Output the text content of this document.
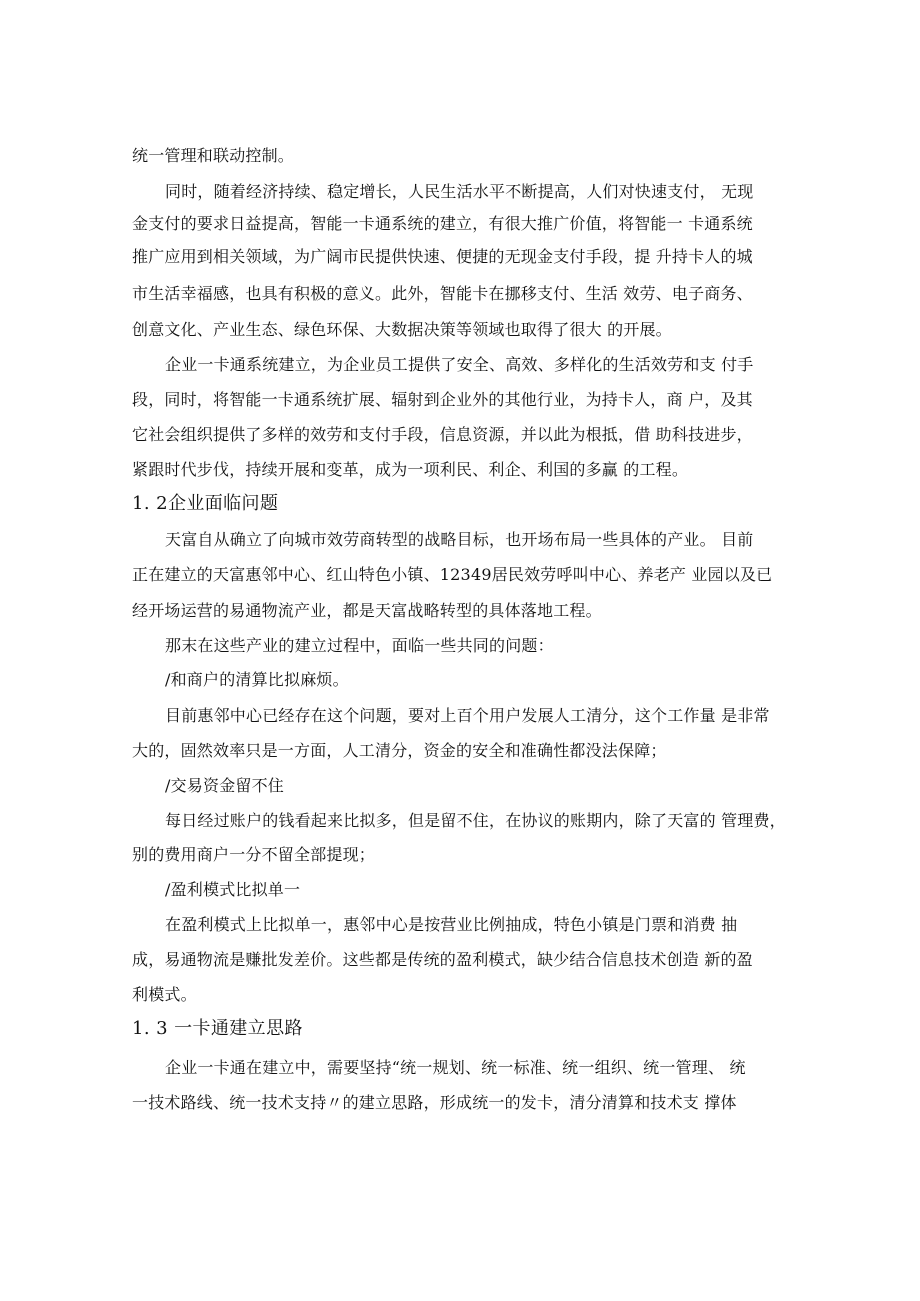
统一管理和联动控制。
同时，随着经济持续、稳定增长，人民生活水平不断提高，人们对快速支付， 无现
金支付的要求日益提高，智能一卡通系统的建立，有很大推广价值，将智能一 卡通系统
推广应用到相关领域，为广阔市民提供快速、便捷的无现金支付手段，提 升持卡人的城
市生活幸福感，也具有积极的意义。此外，智能卡在挪移支付、生活 效劳、电子商务、
创意文化、产业生态、绿色环保、大数据决策等领域也取得了很大 的开展。
企业一卡通系统建立，为企业员工提供了安全、高效、多样化的生活效劳和支 付手
段，同时，将智能一卡通系统扩展、辐射到企业外的其他行业，为持卡人，商 户，及其
它社会组织提供了多样的效劳和支付手段，信息资源，并以此为根抵，借 助科技进步，
紧跟时代步伐，持续开展和变革，成为一项利民、利企、利国的多赢 的工程。
1. 2企业面临问题
天富自从确立了向城市效劳商转型的战略目标，也开场布局一些具体的产业。 目前
正在建立的天富惠邻中心、红山特色小镇、12349居民效劳呼叫中心、养老产 业园以及已
经开场运营的易通物流产业，都是天富战略转型的具体落地工程。
那末在这些产业的建立过程中，面临一些共同的问题：
/和商户的清算比拟麻烦。
目前惠邻中心已经存在这个问题，要对上百个用户发展人工清分，这个工作量 是非常
大的，固然效率只是一方面，人工清分，资金的安全和准确性都没法保障；
/交易资金留不住
每日经过账户的钱看起来比拟多，但是留不住，在协议的账期内，除了天富的 管理费，
别的费用商户一分不留全部提现；
/盈利模式比拟单一
在盈利模式上比拟单一，惠邻中心是按营业比例抽成，特色小镇是门票和消费 抽
成，易通物流是赚批发差价。这些都是传统的盈利模式，缺少结合信息技术创造 新的盈
利模式。
1. 3 一卡通建立思路
企业一卡通在建立中，需要坚持“统一规划、统一标准、统一组织、统一管理、 统
一技术路线、统一技术支持〃的建立思路，形成统一的发卡，清分清算和技术支 撑体
